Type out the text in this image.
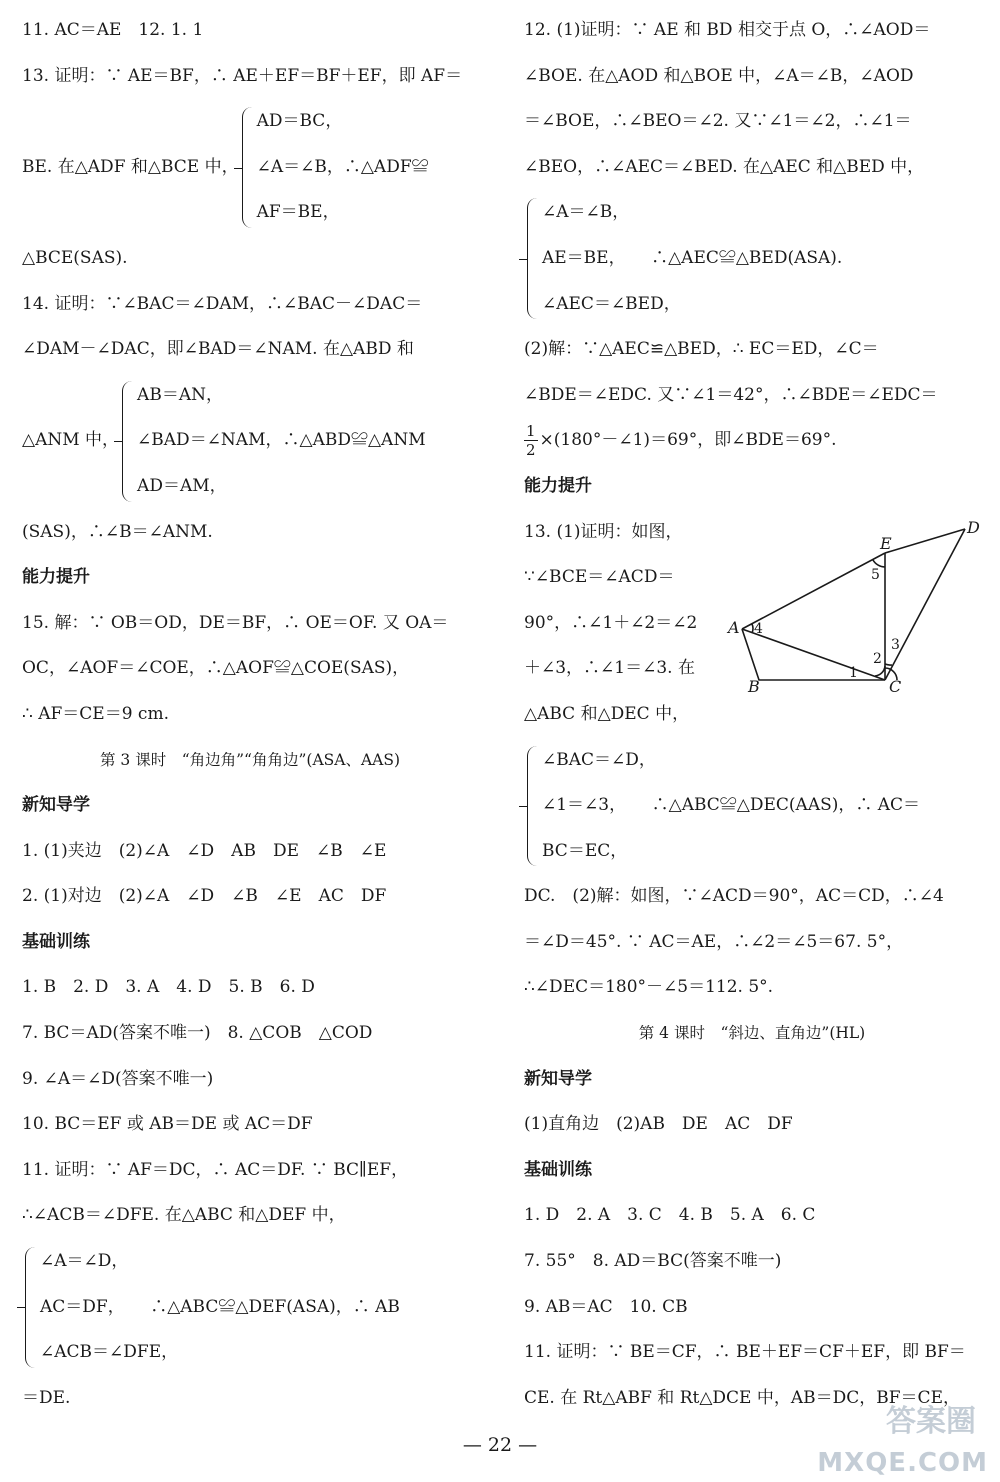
11. AC＝AE　12. 1. 1
13. 证明：∵ AE＝BF，∴ AE＋EF＝BF＋EF，即 AF＝
BE. 在△ADF 和△BCE 中，
AD＝BC，
∠A＝∠B，∴△ADF≌
AF＝BE，
△BCE(SAS).
14. 证明：∵∠BAC＝∠DAM，∴∠BAC－∠DAC＝
∠DAM－∠DAC，即∠BAD＝∠NAM. 在△ABD 和
△ANM 中，
AB＝AN，
∠BAD＝∠NAM，∴△ABD≌△ANM
AD＝AM，
(SAS)，∴∠B＝∠ANM.
能力提升
15. 解：∵ OB＝OD，DE＝BF，∴ OE＝OF. 又 OA＝
OC，∠AOF＝∠COE，∴△AOF≌△COE(SAS)，
∴ AF＝CE＝9 cm.
第 3 课时　“角边角”“角角边”(ASA、AAS)
新知导学
1. (1)夹边　(2)∠A　∠D　AB　DE　∠B　∠E
2. (1)对边　(2)∠A　∠D　∠B　∠E　AC　DF
基础训练
1. B　2. D　3. A　4. D　5. B　6. D
7. BC＝AD(答案不唯一)　8. △COB　△COD
9. ∠A＝∠D(答案不唯一)
10. BC＝EF 或 AB＝DE 或 AC＝DF
11. 证明：∵ AF＝DC，∴ AC＝DF. ∵ BC∥EF，
∴∠ACB＝∠DFE. 在△ABC 和△DEF 中，
∠A＝∠D，
AC＝DF，　　∴△ABC≌△DEF(ASA)，∴ AB
∠ACB＝∠DFE，
＝DE.
12. (1)证明：∵ AE 和 BD 相交于点 O，∴∠AOD＝
∠BOE. 在△AOD 和△BOE 中，∠A＝∠B，∠AOD
＝∠BOE，∴∠BEO＝∠2. 又∵∠1＝∠2，∴∠1＝
∠BEO，∴∠AEC＝∠BED. 在△AEC 和△BED 中，
∠A＝∠B，
AE＝BE，　　∴△AEC≌△BED(ASA).
∠AEC＝∠BED，
(2)解：∵△AEC≌△BED，∴ EC＝ED，∠C＝
∠BDE＝∠EDC. 又∵∠1＝42°，∴∠BDE＝∠EDC＝
$\frac{1}{2}$ ×(180°－∠1)＝69°，即∠BDE＝69°.
能力提升
13. (1)证明：如图，
∵∠BCE＝∠ACD＝
90°，∴∠1＋∠2＝∠2
＋∠3，∴∠1＝∠3. 在
△ABC 和△DEC 中，
∠BAC＝∠D，
∠1＝∠3，　　∴△ABC≌△DEC(AAS)，∴ AC＝
BC＝EC，
DC.　(2)解：如图，∵∠ACD＝90°，AC＝CD，∴∠4
＝∠D＝45°. ∵ AC＝AE，∴∠2＝∠5＝67. 5°，
∴∠DEC＝180°－∠5＝112. 5°.
第 4 课时　“斜边、直角边”(HL)
新知导学
(1)直角边　(2)AB　DE　AC　DF
基础训练
1. D　2. A　3. C　4. B　5. A　6. C
7. 55°　8. AD＝BC(答案不唯一)
9. AB＝AC　10. CB
11. 证明：∵ BE＝CF，∴ BE＋EF＝CF＋EF，即 BF＝
CE. 在 Rt△ABF 和 Rt△DCE 中，AB＝DC，BF＝CE，
A
B	C
D
E
1
2
3
4
5
— 22 —
答案圈
MXQE.COM
